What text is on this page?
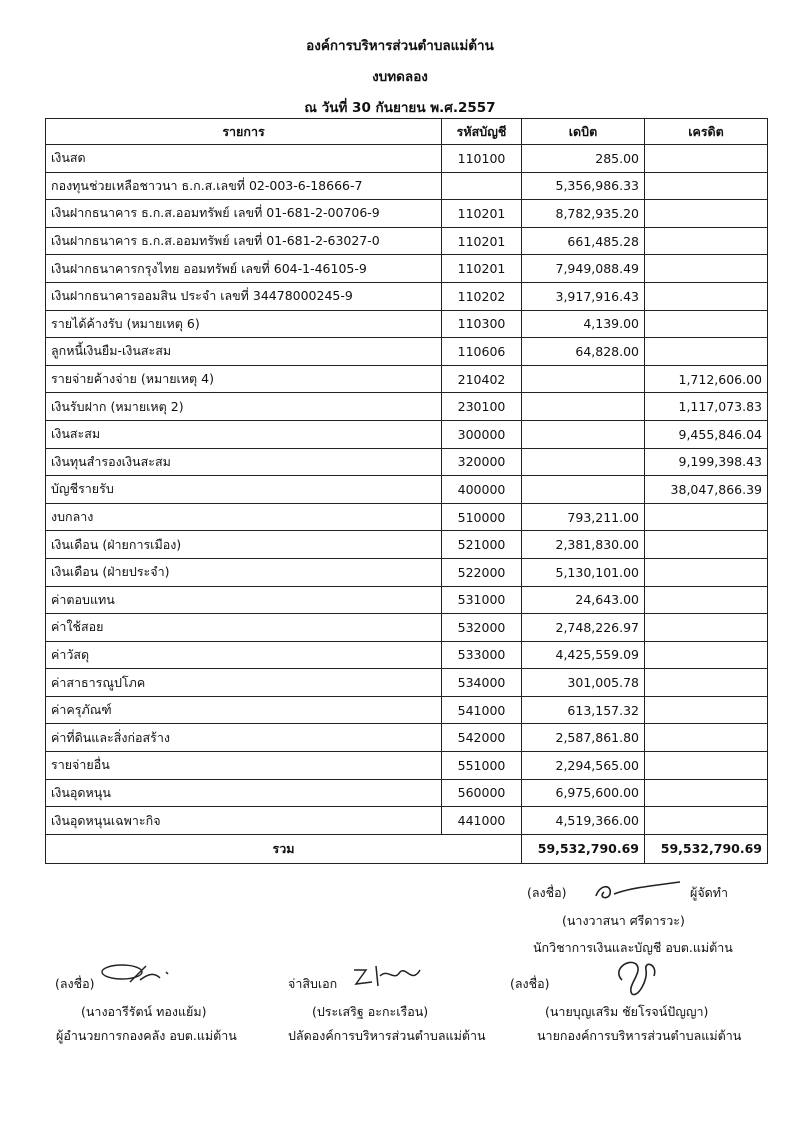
องค์การบริหารส่วนตำบลแม่ต้าน
งบทดลอง
ณ วันที่ 30 กันยายน พ.ศ.2557
รายการ	รหัสบัญชี	เดบิต	เครดิต
เงินสด	110100	285.00	
กองทุนช่วยเหลือชาวนา ธ.ก.ส.เลขที่ 02-003-6-18666-7		5,356,986.33	
เงินฝากธนาคาร ธ.ก.ส.ออมทรัพย์ เลขที่ 01-681-2-00706-9	110201	8,782,935.20	
เงินฝากธนาคาร ธ.ก.ส.ออมทรัพย์ เลขที่ 01-681-2-63027-0	110201	661,485.28	
เงินฝากธนาคารกรุงไทย ออมทรัพย์ เลขที่ 604-1-46105-9	110201	7,949,088.49	
เงินฝากธนาคารออมสิน ประจำ เลขที่ 34478000245-9	110202	3,917,916.43	
รายได้ค้างรับ (หมายเหตุ 6)	110300	4,139.00	
ลูกหนี้เงินยืม-เงินสะสม	110606	64,828.00	
รายจ่ายค้างจ่าย (หมายเหตุ 4)	210402		1,712,606.00
เงินรับฝาก (หมายเหตุ 2)	230100		1,117,073.83
เงินสะสม	300000		9,455,846.04
เงินทุนสำรองเงินสะสม	320000		9,199,398.43
บัญชีรายรับ	400000		38,047,866.39
งบกลาง	510000	793,211.00	
เงินเดือน (ฝ่ายการเมือง)	521000	2,381,830.00	
เงินเดือน (ฝ่ายประจำ)	522000	5,130,101.00	
ค่าตอบแทน	531000	24,643.00	
ค่าใช้สอย	532000	2,748,226.97	
ค่าวัสดุ	533000	4,425,559.09	
ค่าสาธารณูปโภค	534000	301,005.78	
ค่าครุภัณฑ์	541000	613,157.32	
ค่าที่ดินและสิ่งก่อสร้าง	542000	2,587,861.80	
รายจ่ายอื่น	551000	2,294,565.00	
เงินอุดหนุน	560000	6,975,600.00	
เงินอุดหนุนเฉพาะกิจ	441000	4,519,366.00	
รวม		59,532,790.69	59,532,790.69
(ลงชื่อ)	ผู้จัดทำ
(นางวาสนา ศรีดารวะ)
นักวิชาการเงินและบัญชี อบต.แม่ต้าน
(ลงชื่อ)
(นางอารีรัตน์ ทองแย้ม)
ผู้อำนวยการกองคลัง อบต.แม่ต้าน
จ่าสิบเอก
(ประเสริฐ อะกะเรือน)
ปลัดองค์การบริหารส่วนตำบลแม่ต้าน
(ลงชื่อ)
(นายบุญเสริม ชัยโรจน์ปัญญา)
นายกองค์การบริหารส่วนตำบลแม่ต้าน
